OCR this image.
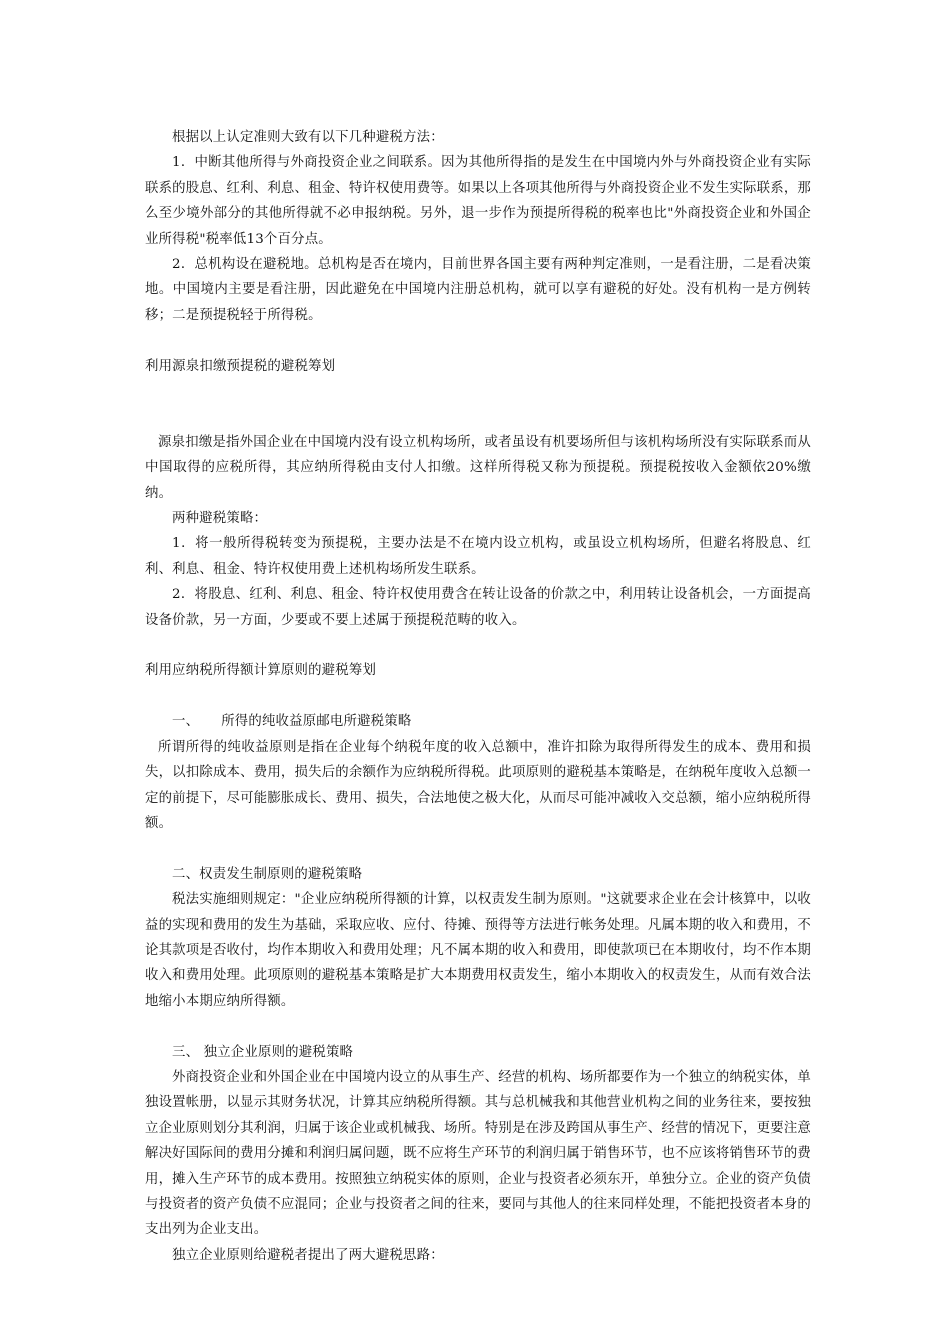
根据以上认定准则大致有以下几种避税方法：

1．中断其他所得与外商投资企业之间联系。因为其他所得指的是发生在中国境内外与外商投资企业有实际联系的股息、红利、利息、租金、特许权使用费等。如果以上各项其他所得与外商投资企业不发生实际联系，那么至少境外部分的其他所得就不必申报纳税。另外，退一步作为预提所得税的税率也比"外商投资企业和外国企业所得税"税率低13个百分点。

2．总机构设在避税地。总机构是否在境内，目前世界各国主要有两种判定准则，一是看注册，二是看决策地。中国境内主要是看注册，因此避免在中国境内注册总机构，就可以享有避税的好处。没有机构一是方例转移；二是预提税轻于所得税。

利用源泉扣缴预提税的避税筹划

源泉扣缴是指外国企业在中国境内没有设立机构场所，或者虽设有机要场所但与该机构场所没有实际联系而从中国取得的应税所得，其应纳所得税由支付人扣缴。这样所得税又称为预提税。预提税按收入金额依20%缴纳。

两种避税策略：

1．将一般所得税转变为预提税，主要办法是不在境内设立机构，或虽设立机构场所，但避名将股息、红利、利息、租金、特许权使用费上述机构场所发生联系。

2．将股息、红利、利息、租金、特许权使用费含在转让设备的价款之中，利用转让设备机会，一方面提高设备价款，另一方面，少要或不要上述属于预提税范畴的收入。

利用应纳税所得额计算原则的避税筹划

一、 所得的纯收益原邮电所避税策略

所谓所得的纯收益原则是指在企业每个纳税年度的收入总额中，准许扣除为取得所得发生的成本、费用和损失，以扣除成本、费用，损失后的余额作为应纳税所得税。此项原则的避税基本策略是，在纳税年度收入总额一定的前提下，尽可能膨胀成长、费用、损失，合法地使之极大化，从而尽可能冲减收入交总额，缩小应纳税所得额。

二、权责发生制原则的避税策略

税法实施细则规定："企业应纳税所得额的计算，以权责发生制为原则。"这就要求企业在会计核算中，以收益的实现和费用的发生为基础，采取应收、应付、待摊、预得等方法进行帐务处理。凡属本期的收入和费用，不论其款项是否收付，均作本期收入和费用处理；凡不属本期的收入和费用，即使款项已在本期收付，均不作本期收入和费用处理。此项原则的避税基本策略是扩大本期费用权责发生，缩小本期收入的权责发生，从而有效合法地缩小本期应纳所得额。

三、 独立企业原则的避税策略

外商投资企业和外国企业在中国境内设立的从事生产、经营的机构、场所都要作为一个独立的纳税实体，单独设置帐册，以显示其财务状况，计算其应纳税所得额。其与总机械我和其他营业机构之间的业务往来，要按独立企业原则划分其利润，归属于该企业或机械我、场所。特别是在涉及跨国从事生产、经营的情况下，更要注意解决好国际间的费用分摊和利润归属问题，既不应将生产环节的利润归属于销售环节，也不应该将销售环节的费用，摊入生产环节的成本费用。按照独立纳税实体的原则，企业与投资者必须东开，单独分立。企业的资产负债与投资者的资产负债不应混同；企业与投资者之间的往来，要同与其他人的往来同样处理，不能把投资者本身的支出列为企业支出。

独立企业原则给避税者提出了两大避税思路：
